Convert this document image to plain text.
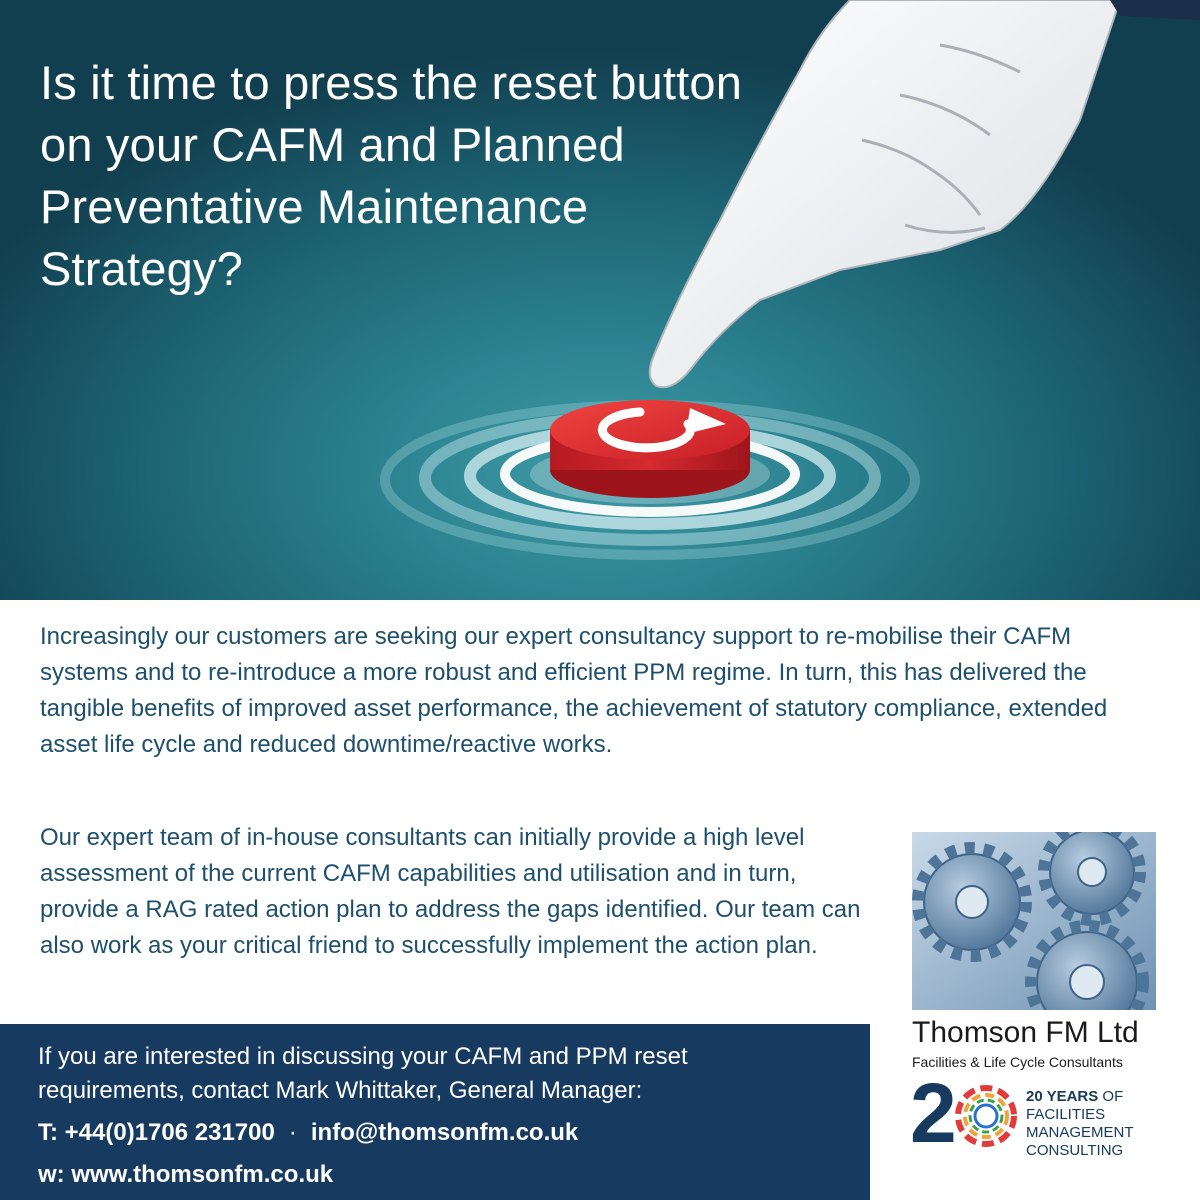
Is it time to press the reset button on your CAFM and Planned Preventative Maintenance Strategy?

Increasingly our customers are seeking our expert consultancy support to re-mobilise their CAFM systems and to re-introduce a more robust and efficient PPM regime. In turn, this has delivered the tangible benefits of improved asset performance, the achievement of statutory compliance, extended asset life cycle and reduced downtime/reactive works.

Our expert team of in-house consultants can initially provide a high level assessment of the current CAFM capabilities and utilisation and in turn, provide a RAG rated action plan to address the gaps identified. Our team can also work as your critical friend to successfully implement the action plan.

If you are interested in discussing your CAFM and PPM reset

requirements, contact Mark Whittaker, General Manager:

T: +44(0)1706 231700 · info@thomsonfm.co.uk

w: www.thomsonfm.co.uk

Thomson FM Ltd

Facilities & Life Cycle Consultants

2	20 YEARS OF
FACILITIES
MANAGEMENT
CONSULTING
